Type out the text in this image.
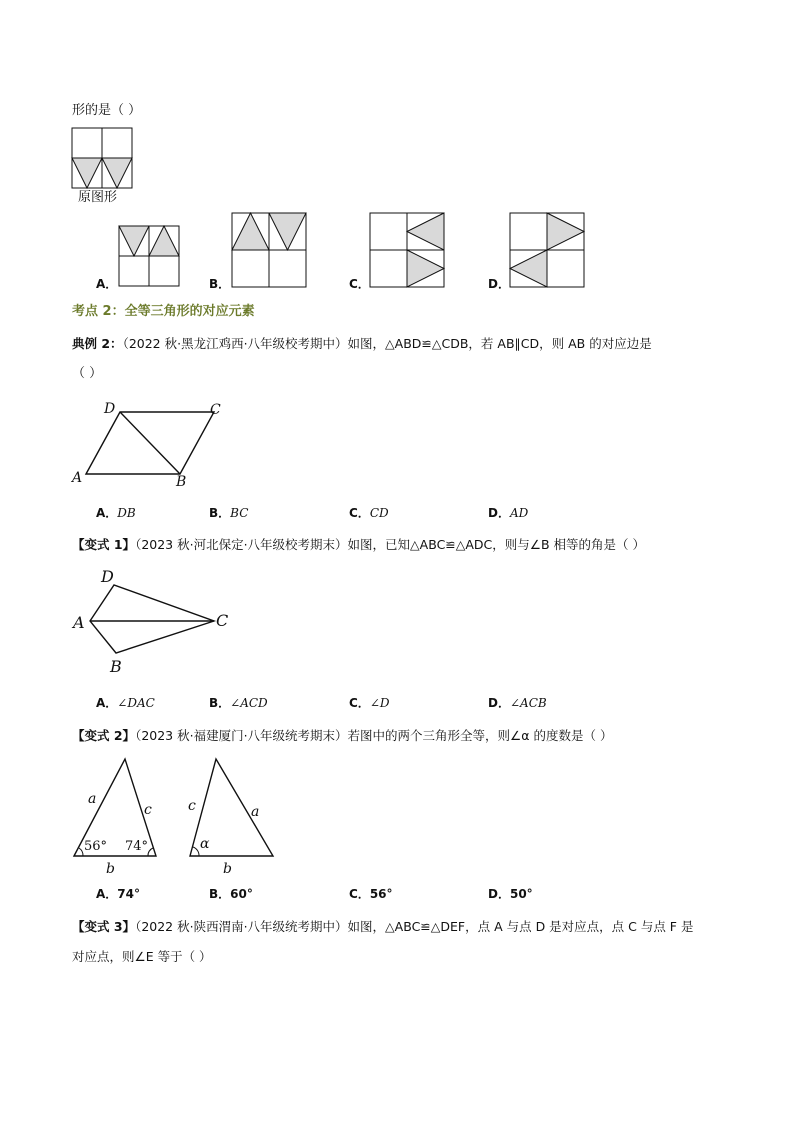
形的是（ ）
原图形
A．	B．	C．	D．
考点 2：全等三角形的对应元素
典例 2：（2022 秋·黑龙江鸡西·八年级校考期中）如图，△ABD≌△CDB，若 AB∥CD，则 AB 的对应边是
（ ）
A
D	C
B
A．DB	B．BC	C．CD	D．AD
【变式 1】（2023 秋·河北保定·八年级校考期末）如图，已知△ABC≌△ADC，则与∠B 相等的角是（ ）
A
D
C
B
A．∠DAC	B．∠ACD	C．∠D	D．∠ACB
【变式 2】（2023 秋·福建厦门·八年级统考期末）若图中的两个三角形全等，则∠α 的度数是（ ）
a
c
b
56° 74°
c	a
b
α
A．74°	B．60°	C．56°	D．50°
【变式 3】（2022 秋·陕西渭南·八年级统考期中）如图，△ABC≌△DEF，点 A 与点 D 是对应点，点 C 与点 F 是
对应点，则∠E 等于（ ）
